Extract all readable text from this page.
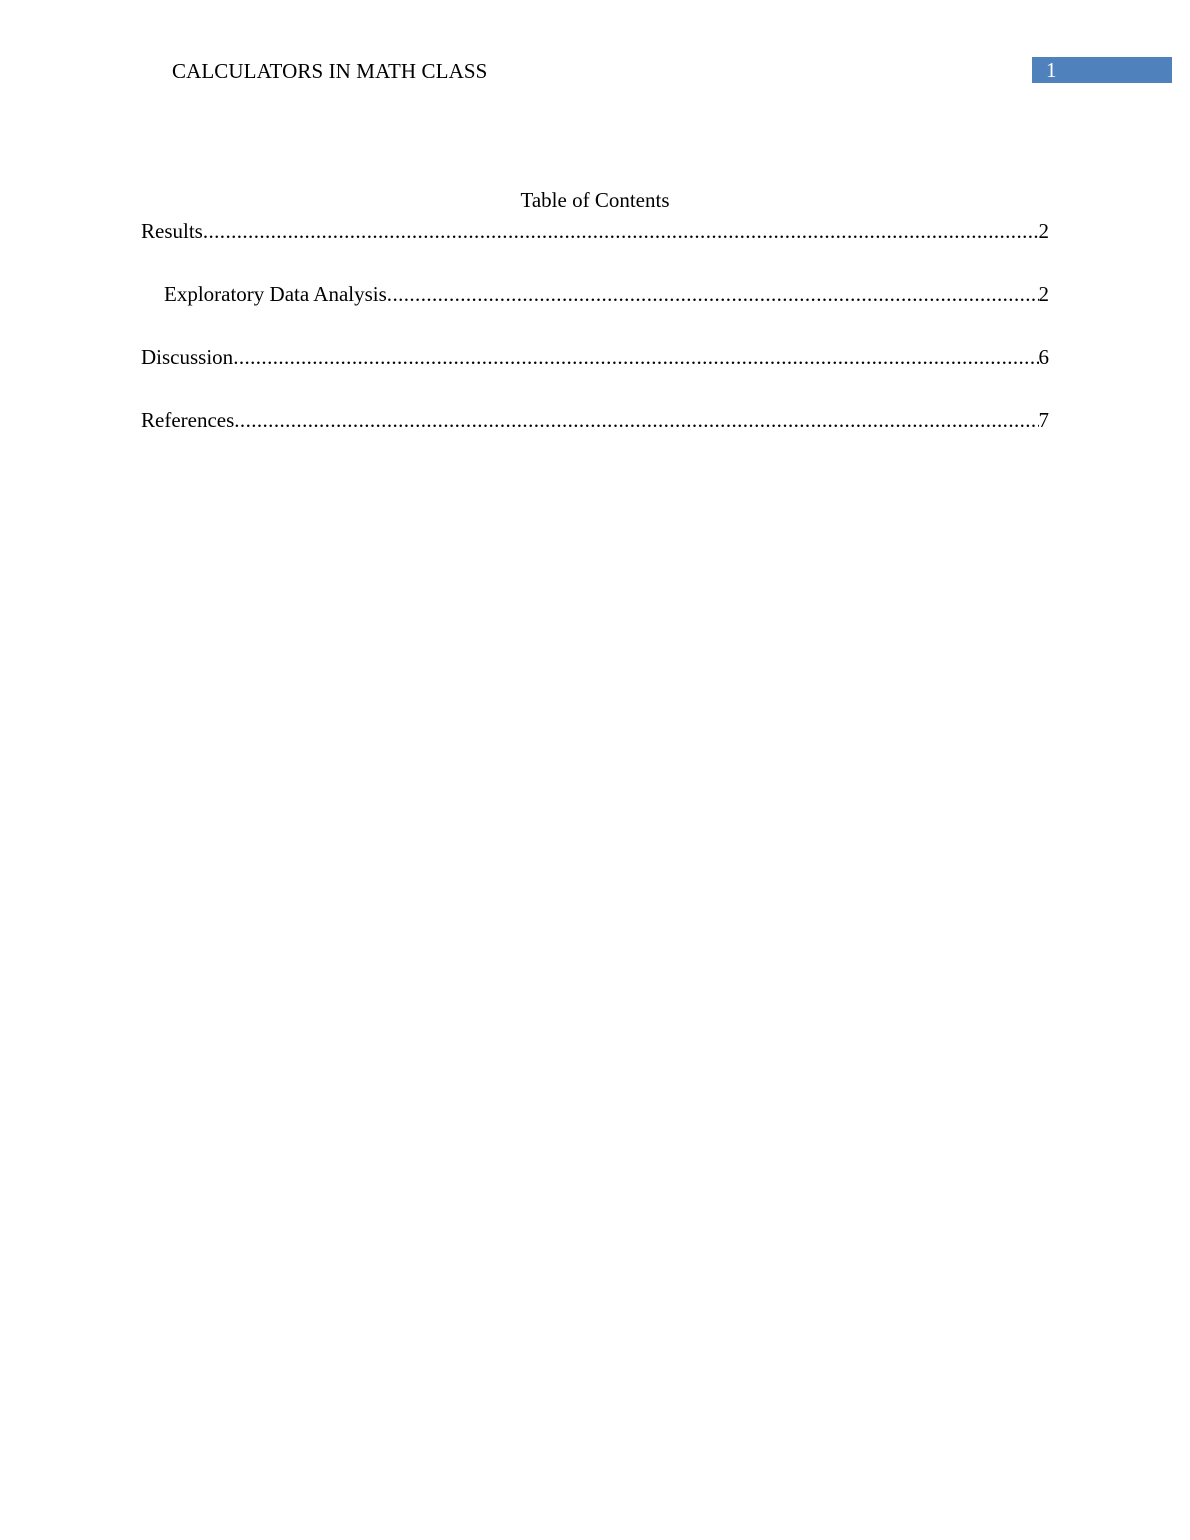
CALCULATORS IN MATH CLASS	1
Table of Contents
Results .....	2
Exploratory Data Analysis .....	2
Discussion .....	6
References .....	7
